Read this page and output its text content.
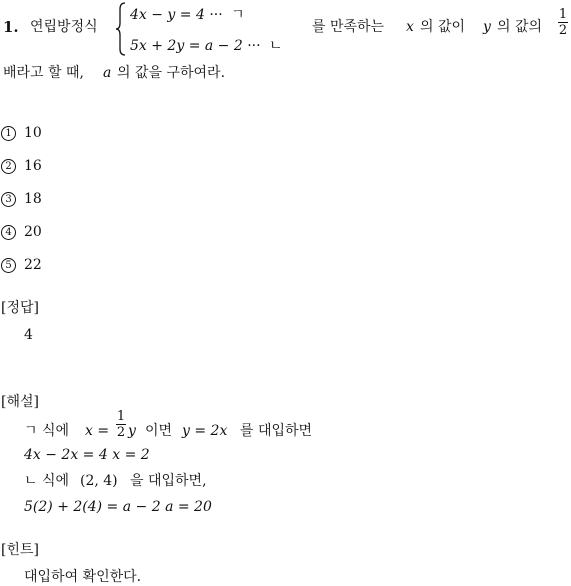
1. 연립방정식
4x − y = 4 ··· ㄱ
5x + 2y = a − 2 ··· ㄴ
를 만족하는 x 의 값이 y 의 값의
1
2
배라고 할 때, a 의 값을 구하여라.
1 10
2 16
3 18
4 20
5 22
[정답]
4
[해설]
ㄱ 식에 x =
1
2 y 이면 y = 2x 를 대입하면
4x − 2x = 4 x = 2
ㄴ 식에 (2, 4) 을 대입하면,
5(2) + 2(4) = a − 2 a = 20
[힌트]
대입하여 확인한다.
